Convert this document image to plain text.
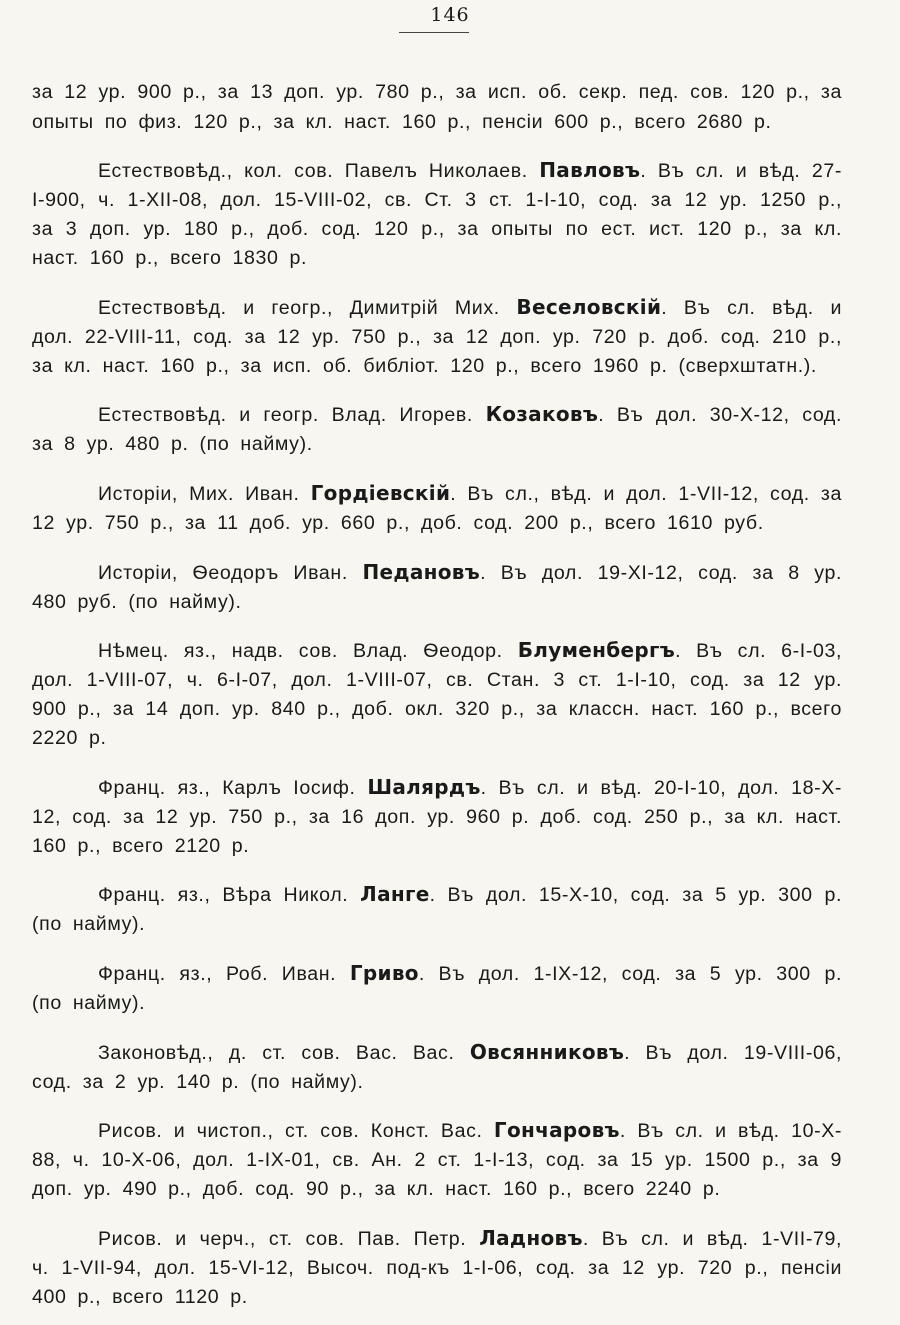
146

за 12 ур. 900 р., за 13 доп. ур. 780 р., за исп. об. секр. пед. сов. 120 р., за опыты по физ. 120 р., за кл. наст. 160 р., пенсіи 600 р., всего 2680 р.

Естествовѣд., кол. сов. Павелъ Николаев. Павловъ. Въ сл. и вѣд. 27-I-900, ч. 1-XII-08, дол. 15-VIII-02, св. Ст. 3 ст. 1-I-10, сод. за 12 ур. 1250 р., за 3 доп. ур. 180 р., доб. сод. 120 р., за опыты по ест. ист. 120 р., за кл. наст. 160 р., всего 1830 р.

Естествовѣд. и геогр., Димитрій Мих. Веселовскій. Въ сл. вѣд. и дол. 22-VIII-11, сод. за 12 ур. 750 р., за 12 доп. ур. 720 р. доб. сод. 210 р., за кл. наст. 160 р., за исп. об. библіот. 120 р., всего 1960 р. (сверхштатн.).

Естествовѣд. и геогр. Влад. Игорев. Козаковъ. Въ дол. 30-X-12, сод. за 8 ур. 480 р. (по найму).

Исторіи, Мих. Иван. Гордіевскій. Въ сл., вѣд. и дол. 1-VII-12, сод. за 12 ур. 750 р., за 11 доб. ур. 660 р., доб. сод. 200 р., всего 1610 руб.

Исторіи, Ѳеодоръ Иван. Педановъ. Въ дол. 19-XI-12, сод. за 8 ур. 480 руб. (по найму).

Нѣмец. яз., надв. сов. Влад. Ѳеодор. Блуменбергъ. Въ сл. 6-I-03, дол. 1-VIII-07, ч. 6-I-07, дол. 1-VIII-07, св. Стан. 3 ст. 1-I-10, сод. за 12 ур. 900 р., за 14 доп. ур. 840 р., доб. окл. 320 р., за классн. наст. 160 р., всего 2220 р.

Франц. яз., Карлъ Іосиф. Шалярдъ. Въ сл. и вѣд. 20-I-10, дол. 18-X-12, сод. за 12 ур. 750 р., за 16 доп. ур. 960 р. доб. сод. 250 р., за кл. наст. 160 р., всего 2120 р.

Франц. яз., Вѣра Никол. Ланге. Въ дол. 15-X-10, сод. за 5 ур. 300 р. (по найму).

Франц. яз., Роб. Иван. Гриво. Въ дол. 1-IX-12, сод. за 5 ур. 300 р. (по найму).

Законовѣд., д. ст. сов. Вас. Вас. Овсянниковъ. Въ дол. 19-VIII-06, сод. за 2 ур. 140 р. (по найму).

Рисов. и чистоп., ст. сов. Конст. Вас. Гончаровъ. Въ сл. и вѣд. 10-X-88, ч. 10-X-06, дол. 1-IX-01, св. Ан. 2 ст. 1-I-13, сод. за 15 ур. 1500 р., за 9 доп. ур. 490 р., доб. сод. 90 р., за кл. наст. 160 р., всего 2240 р.

Рисов. и черч., ст. сов. Пав. Петр. Ладновъ. Въ сл. и вѣд. 1-VII-79, ч. 1-VII-94, дол. 15-VI-12, Высоч. под-къ 1-I-06, сод. за 12 ур. 720 р., пенсіи 400 р., всего 1120 р.
